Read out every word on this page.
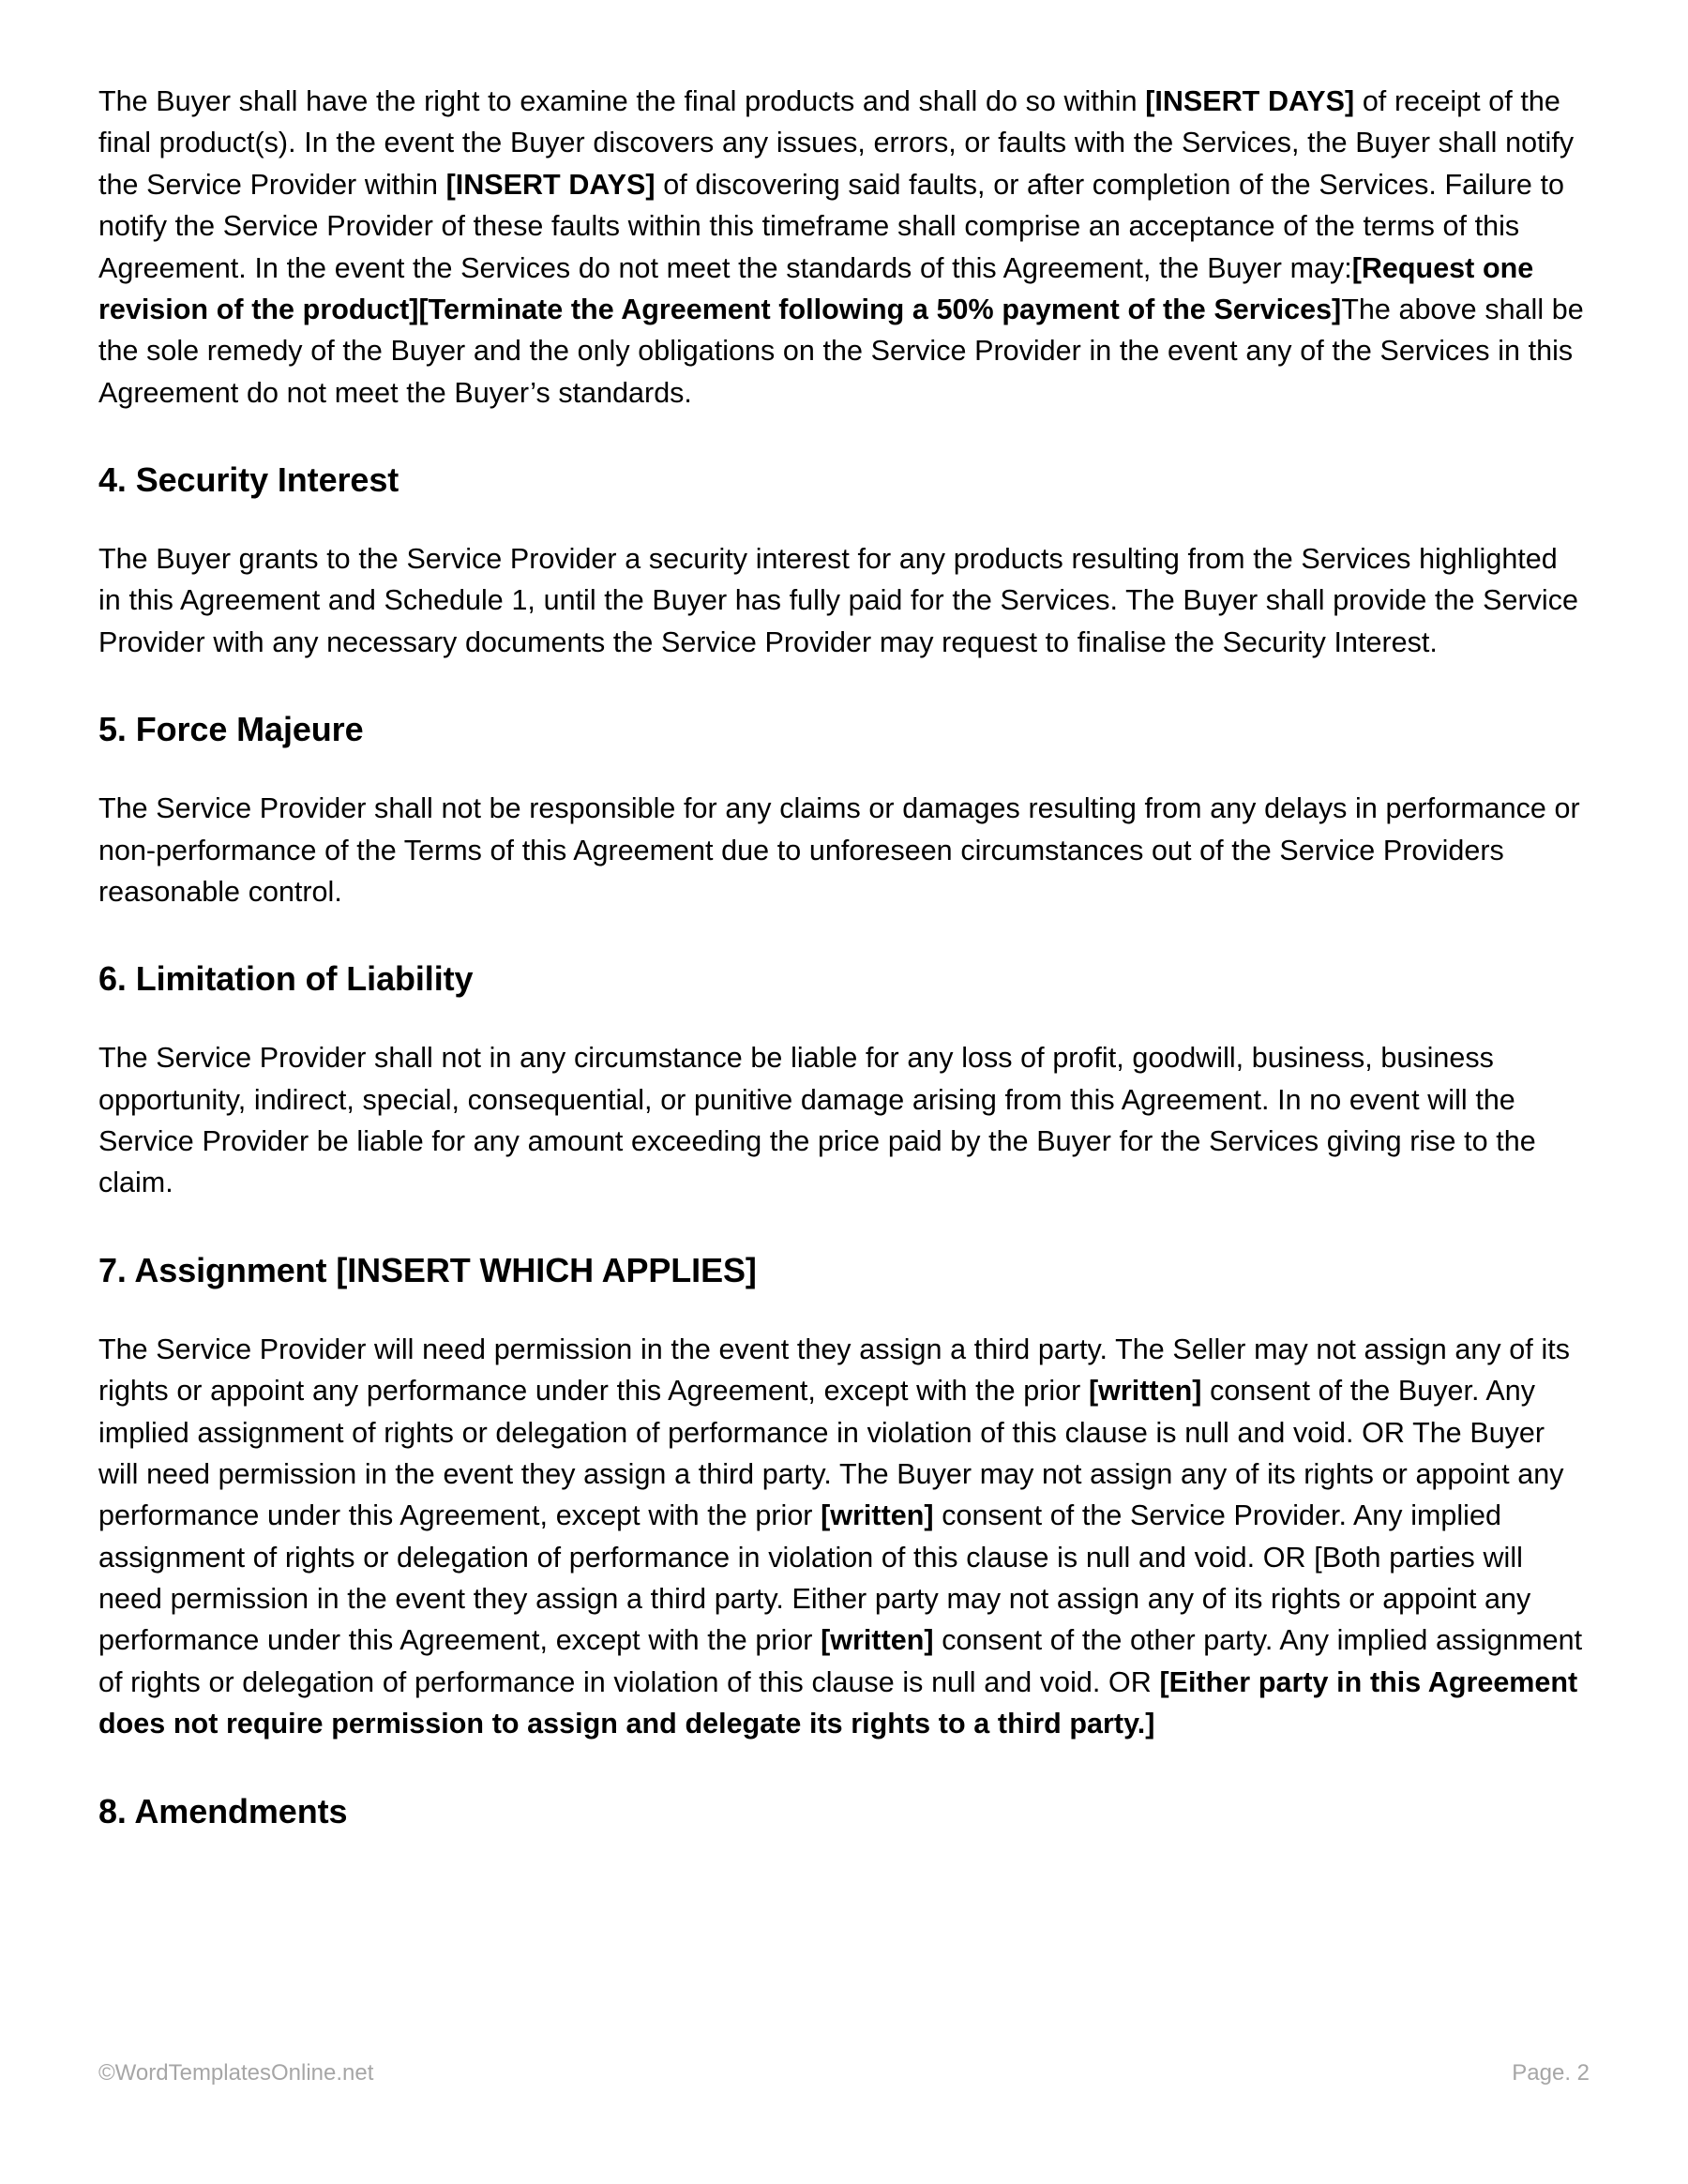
The Buyer shall have the right to examine the final products and shall do so within [INSERT DAYS] of receipt of the final product(s). In the event the Buyer discovers any issues, errors, or faults with the Services, the Buyer shall notify the Service Provider within [INSERT DAYS] of discovering said faults, or after completion of the Services. Failure to notify the Service Provider of these faults within this timeframe shall comprise an acceptance of the terms of this Agreement. In the event the Services do not meet the standards of this Agreement, the Buyer may:[Request one revision of the product][Terminate the Agreement following a 50% payment of the Services]The above shall be the sole remedy of the Buyer and the only obligations on the Service Provider in the event any of the Services in this Agreement do not meet the Buyer’s standards.

4. Security Interest

The Buyer grants to the Service Provider a security interest for any products resulting from the Services highlighted in this Agreement and Schedule 1, until the Buyer has fully paid for the Services. The Buyer shall provide the Service Provider with any necessary documents the Service Provider may request to finalise the Security Interest.

5. Force Majeure

The Service Provider shall not be responsible for any claims or damages resulting from any delays in performance or non-performance of the Terms of this Agreement due to unforeseen circumstances out of the Service Providers reasonable control.

6. Limitation of Liability

The Service Provider shall not in any circumstance be liable for any loss of profit, goodwill, business, business opportunity, indirect, special, consequential, or punitive damage arising from this Agreement. In no event will the Service Provider be liable for any amount exceeding the price paid by the Buyer for the Services giving rise to the claim.

7. Assignment [INSERT WHICH APPLIES]

The Service Provider will need permission in the event they assign a third party. The Seller may not assign any of its rights or appoint any performance under this Agreement, except with the prior [written] consent of the Buyer. Any implied assignment of rights or delegation of performance in violation of this clause is null and void. OR The Buyer will need permission in the event they assign a third party. The Buyer may not assign any of its rights or appoint any performance under this Agreement, except with the prior [written] consent of the Service Provider. Any implied assignment of rights or delegation of performance in violation of this clause is null and void. OR [Both parties will need permission in the event they assign a third party. Either party may not assign any of its rights or appoint any performance under this Agreement, except with the prior [written] consent of the other party. Any implied assignment of rights or delegation of performance in violation of this clause is null and void. OR [Either party in this Agreement does not require permission to assign and delegate its rights to a third party.]

8. Amendments
©WordTemplatesOnline.net	Page. 2
